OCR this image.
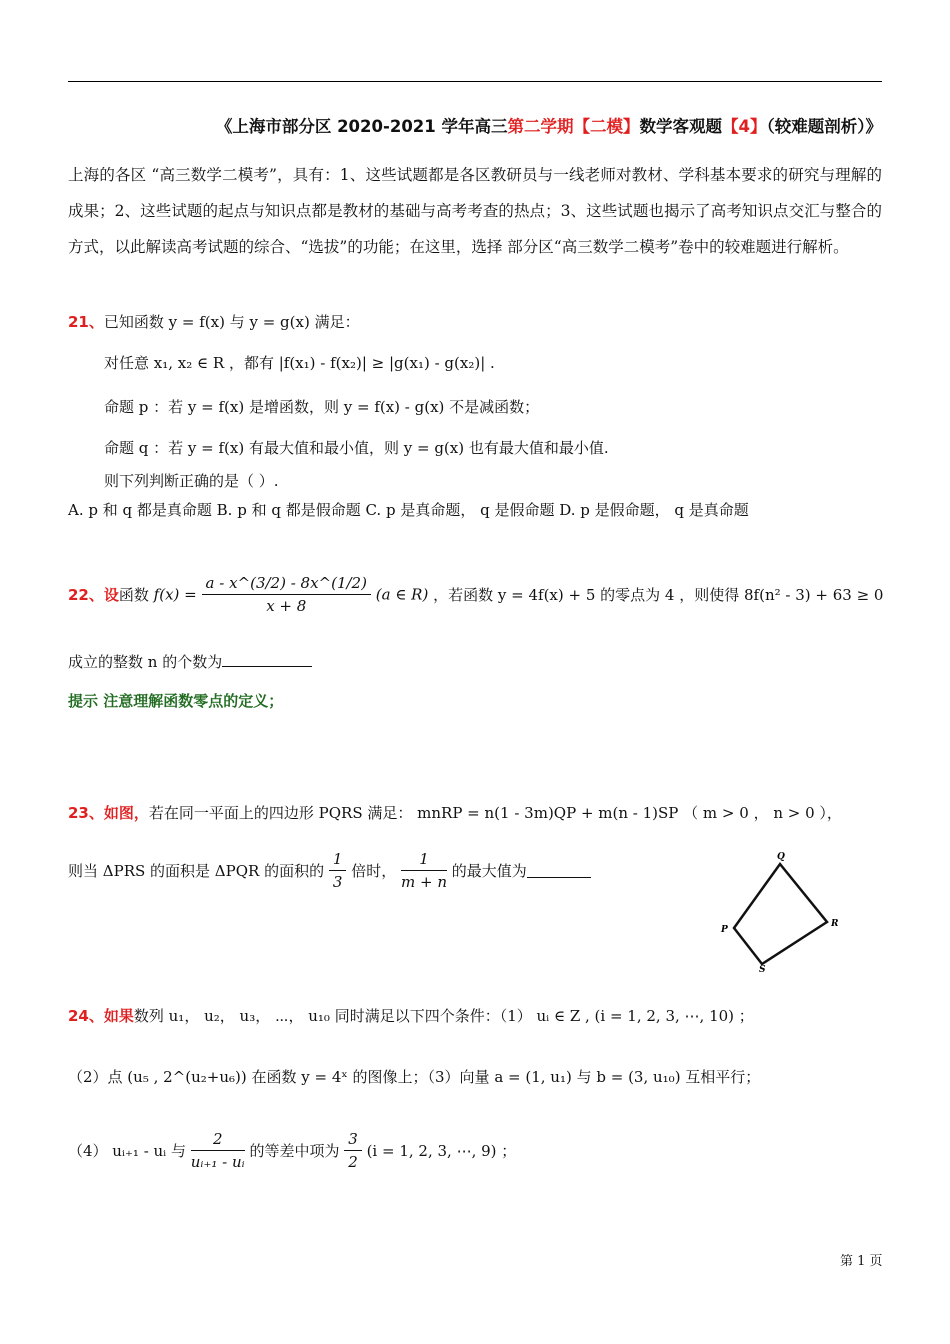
《上海市部分区 2020-2021 学年高三第二学期【二模】数学客观题【4】（较难题剖析）》
上海的各区 “高三数学二模考”，具有：1、这些试题都是各区教研员与一线老师对教材、学科基本要求的研究与理解的成果；2、这些试题的起点与知识点都是教材的基础与高考考查的热点；3、这些试题也揭示了高考知识点交汇与整合的方式，以此解读高考试题的综合、“选拔”的功能；在这里，选择 部分区“高三数学二模考”卷中的较难题进行解析。
21、已知函数 y = f(x) 与 y = g(x) 满足：
对任意 x₁, x₂ ∈ R ，都有 |f(x₁) - f(x₂)| ≥ |g(x₁) - g(x₂)| .
命题 p ：若 y = f(x) 是增函数，则 y = f(x) - g(x) 不是减函数；
命题 q ：若 y = f(x) 有最大值和最小值，则 y = g(x) 也有最大值和最小值.
则下列判断正确的是（ ）.
A. p 和 q 都是真命题 B. p 和 q 都是假命题 C. p 是真命题， q 是假命题 D. p 是假命题， q 是真命题
22、设函数 $f(x) = \frac{a - x\^{}(3/2) - 8x\^{}(1/2)}{x + 8} (a$ ∈ R) ，若函数 y = 4f(x) + 5 的零点为 4 ，则使得 8f(n² - 3) + 63 ≥ 0
成立的整数 n 的个数为
提示 注意理解函数零点的定义；
23、如图，若在同一平面上的四边形 PQRS 满足： mnRP = n(1 - 3m)QP + m(n - 1)SP （ m > 0 ， n > 0 ），
则当 ΔPRS 的面积是 ΔPQR 的面积的 $\frac{1}{3}$ 倍时， $\frac{1}{m + n}$ 的最大值为
Q
R
S
P
24、如果数列 u₁， u₂， u₃， ⋯， u₁₀ 同时满足以下四个条件：（1） uᵢ ∈ Z , (i = 1, 2, 3, ⋯, 10) ；
（2）点 (u₅ , 2^(u₂+u₆)) 在函数 y = 4ˣ 的图像上；（3）向量 a = (1, u₁) 与 b = (3, u₁₀) 互相平行；
（4） uᵢ₊₁ - uᵢ 与 $\frac{2}{\text{uᵢ₊₁ - uᵢ}}$ 的等差中项为 $\frac{3}{2} (i = 1$, 2, 3, ⋯, 9) ；
第 1 页
